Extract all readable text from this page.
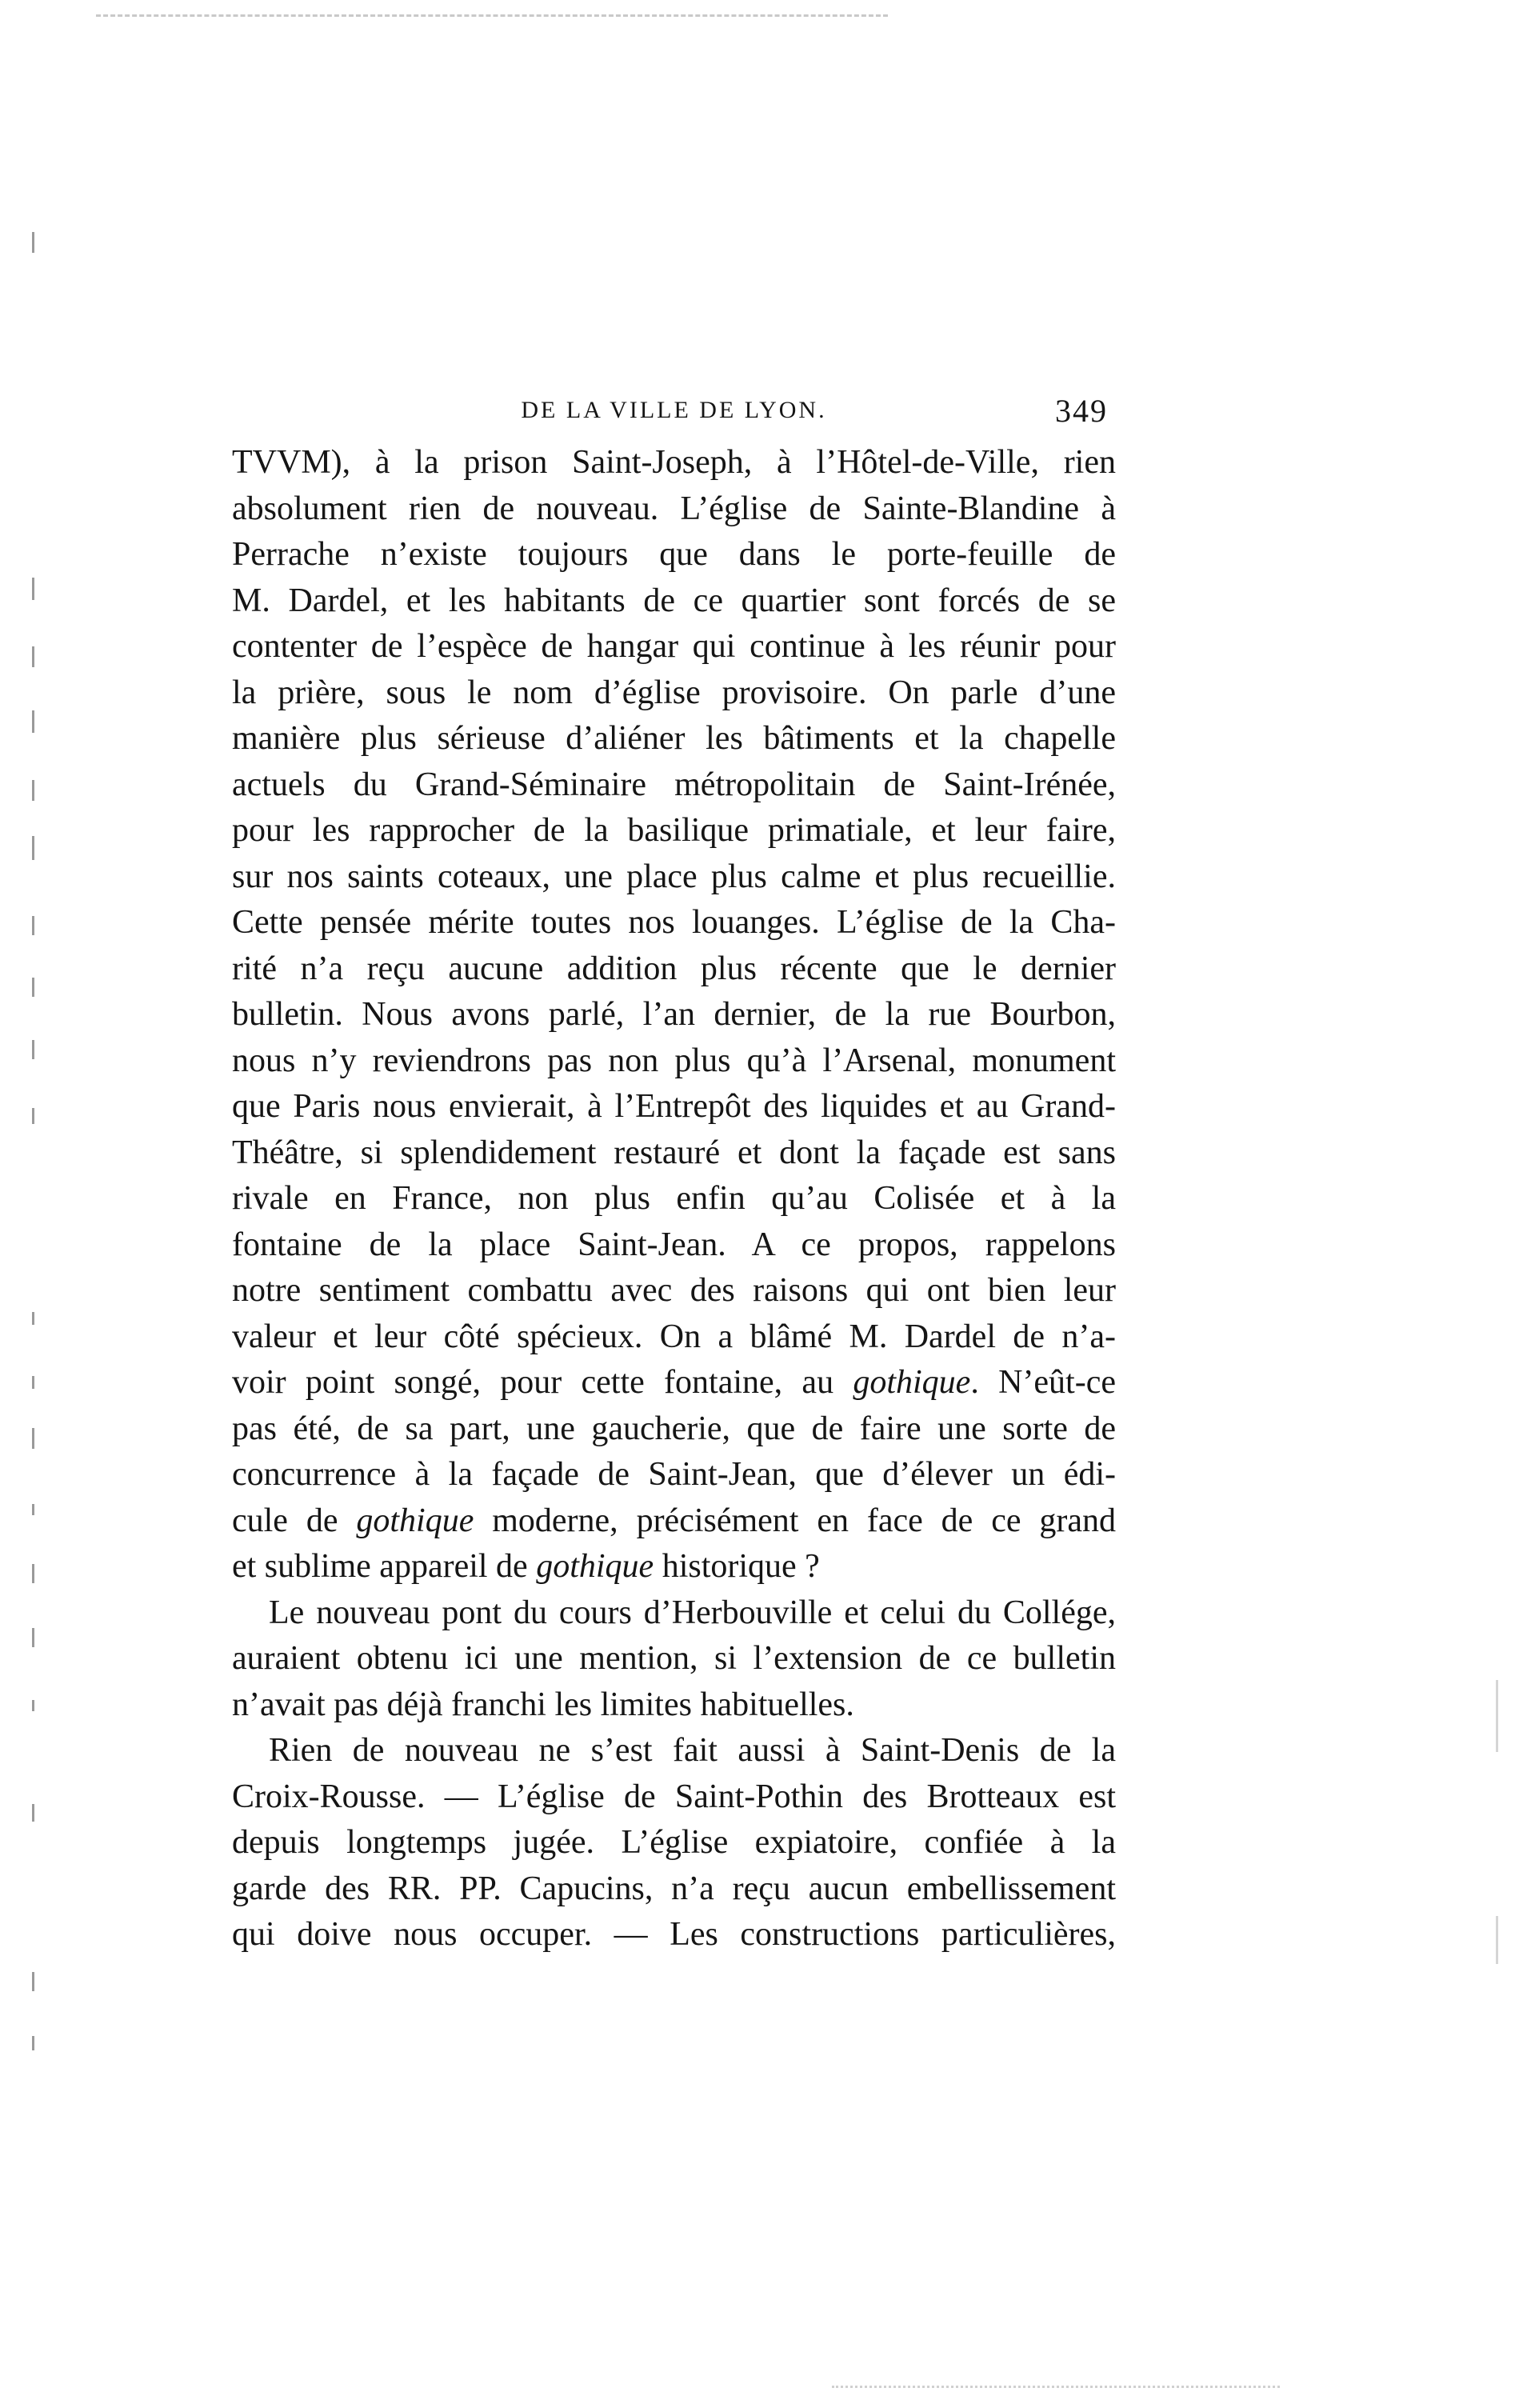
DE LA VILLE DE LYON.	349
TVVM), à la prison Saint-Joseph, à l’Hôtel-de-Ville, rien
absolument rien de nouveau. L’église de Sainte-Blandine à
Perrache n’existe toujours que dans le porte-feuille de
M. Dardel, et les habitants de ce quartier sont forcés de se
contenter de l’espèce de hangar qui continue à les réunir pour
la prière, sous le nom d’église provisoire. On parle d’une
manière plus sérieuse d’aliéner les bâtiments et la chapelle
actuels du Grand-Séminaire métropolitain de Saint-Irénée,
pour les rapprocher de la basilique primatiale, et leur faire,
sur nos saints coteaux, une place plus calme et plus recueillie.
Cette pensée mérite toutes nos louanges. L’église de la Cha-
rité n’a reçu aucune addition plus récente que le dernier
bulletin. Nous avons parlé, l’an dernier, de la rue Bourbon,
nous n’y reviendrons pas non plus qu’à l’Arsenal, monument
que Paris nous envierait, à l’Entrepôt des liquides et au Grand-
Théâtre, si splendidement restauré et dont la façade est sans
rivale en France, non plus enfin qu’au Colisée et à la
fontaine de la place Saint-Jean. A ce propos, rappelons
notre sentiment combattu avec des raisons qui ont bien leur
valeur et leur côté spécieux. On a blâmé M. Dardel de n’a-
voir point songé, pour cette fontaine, au gothique. N’eût-ce
pas été, de sa part, une gaucherie, que de faire une sorte de
concurrence à la façade de Saint-Jean, que d’élever un édi-
cule de gothique moderne, précisément en face de ce grand
et sublime appareil de gothique historique ?
Le nouveau pont du cours d’Herbouville et celui du Collége,
auraient obtenu ici une mention, si l’extension de ce bulletin
n’avait pas déjà franchi les limites habituelles.
Rien de nouveau ne s’est fait aussi à Saint-Denis de la
Croix-Rousse. — L’église de Saint-Pothin des Brotteaux est
depuis longtemps jugée. L’église expiatoire, confiée à la
garde des RR. PP. Capucins, n’a reçu aucun embellissement
qui doive nous occuper. — Les constructions particulières,
